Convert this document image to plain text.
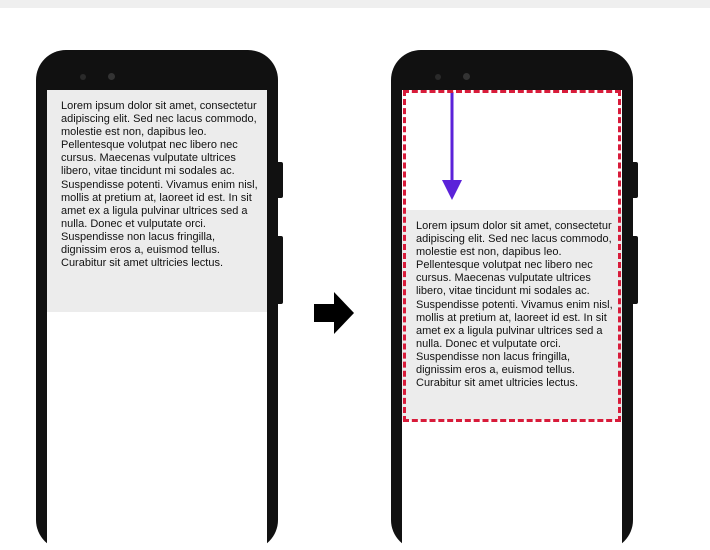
Lorem ipsum dolor sit amet, consectetur adipiscing elit. Sed nec lacus commodo, molestie est non, dapibus leo. Pellentesque volutpat nec libero nec cursus. Maecenas vulputate ultrices libero, vitae tincidunt mi sodales ac. Suspendisse potenti. Vivamus enim nisl, mollis at pretium at, laoreet id est. In sit amet ex a ligula pulvinar ultrices sed a nulla. Donec et vulputate orci. Suspendisse non lacus fringilla, dignissim eros a, euismod tellus. Curabitur sit amet ultricies lectus.
Lorem ipsum dolor sit amet, consectetur adipiscing elit. Sed nec lacus commodo, molestie est non, dapibus leo. Pellentesque volutpat nec libero nec cursus. Maecenas vulputate ultrices libero, vitae tincidunt mi sodales ac. Suspendisse potenti. Vivamus enim nisl, mollis at pretium at, laoreet id est. In sit amet ex a ligula pulvinar ultrices sed a nulla. Donec et vulputate orci. Suspendisse non lacus fringilla, dignissim eros a, euismod tellus. Curabitur sit amet ultricies lectus.
